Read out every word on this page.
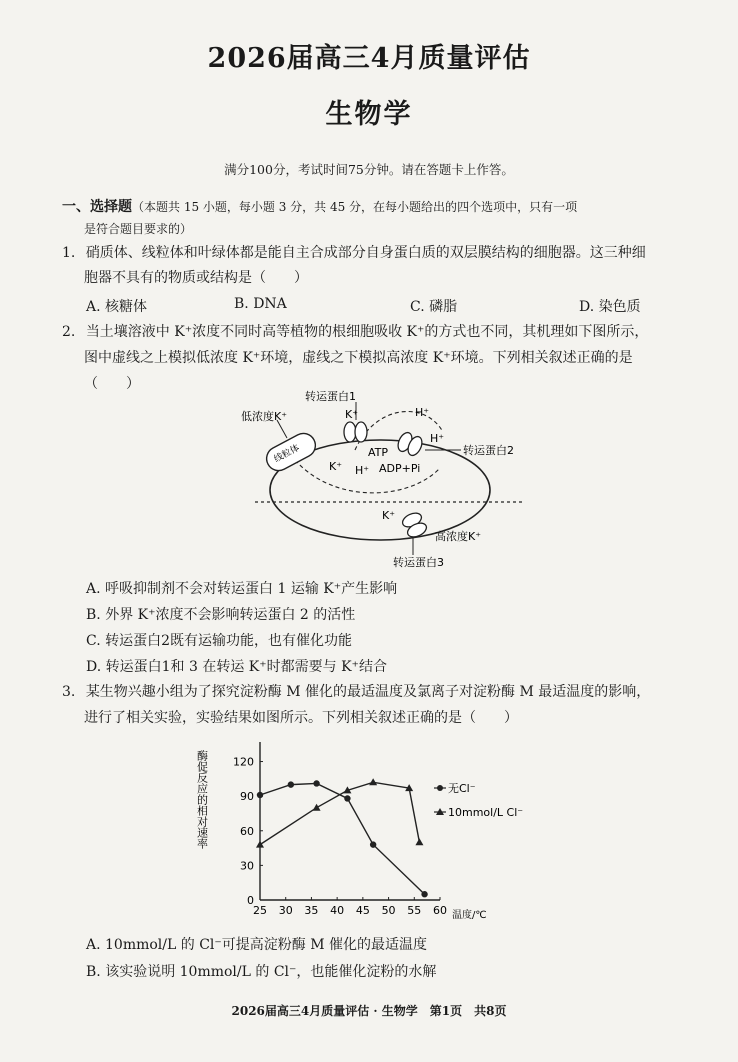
2026届高三4月质量评估
生物学
满分100分，考试时间75分钟。请在答题卡上作答。
一、选择题（本题共 15 小题，每小题 3 分，共 45 分，在每小题给出的四个选项中，只有一项
是符合题目要求的）
1. 硝质体、线粒体和叶绿体都是能自主合成部分自身蛋白质的双层膜结构的细胞器。这三种细
胞器不具有的物质或结构是（　　）
A. 核糖体	B. DNA	C. 磷脂	D. 染色质
2. 当土壤溶液中 K⁺浓度不同时高等植物的根细胞吸收 K⁺的方式也不同，其机理如下图所示，
图中虚线之上模拟低浓度 K⁺环境，虚线之下模拟高浓度 K⁺环境。下列相关叙述正确的是
（　　）
转运蛋白1
低浓度K⁺	K⁺	H⁺
H⁺
ATP
ADP+Pi
K⁺ H⁺
转运蛋白2
线粒体
K⁺
高浓度K⁺
转运蛋白3
A. 呼吸抑制剂不会对转运蛋白 1 运输 K⁺产生影响
B. 外界 K⁺浓度不会影响转运蛋白 2 的活性
C. 转运蛋白2既有运输功能，也有催化功能
D. 转运蛋白1和 3 在转运 K⁺时都需要与 K⁺结合
3. 某生物兴趣小组为了探究淀粉酶 M 催化的最适温度及氯离子对淀粉酶 M 最适温度的影响，
进行了相关实验，实验结果如图所示。下列相关叙述正确的是（　　）
酶促反应的相对速率
25 30 35 40 45 50 55 60
0
30
60
90
120
无Cl⁻
10mmol/L Cl⁻
温度/℃
A. 10mmol/L 的 Cl⁻可提高淀粉酶 M 催化的最适温度
B. 该实验说明 10mmol/L 的 Cl⁻，也能催化淀粉的水解
2026届高三4月质量评估 · 生物学　第1页　共8页
